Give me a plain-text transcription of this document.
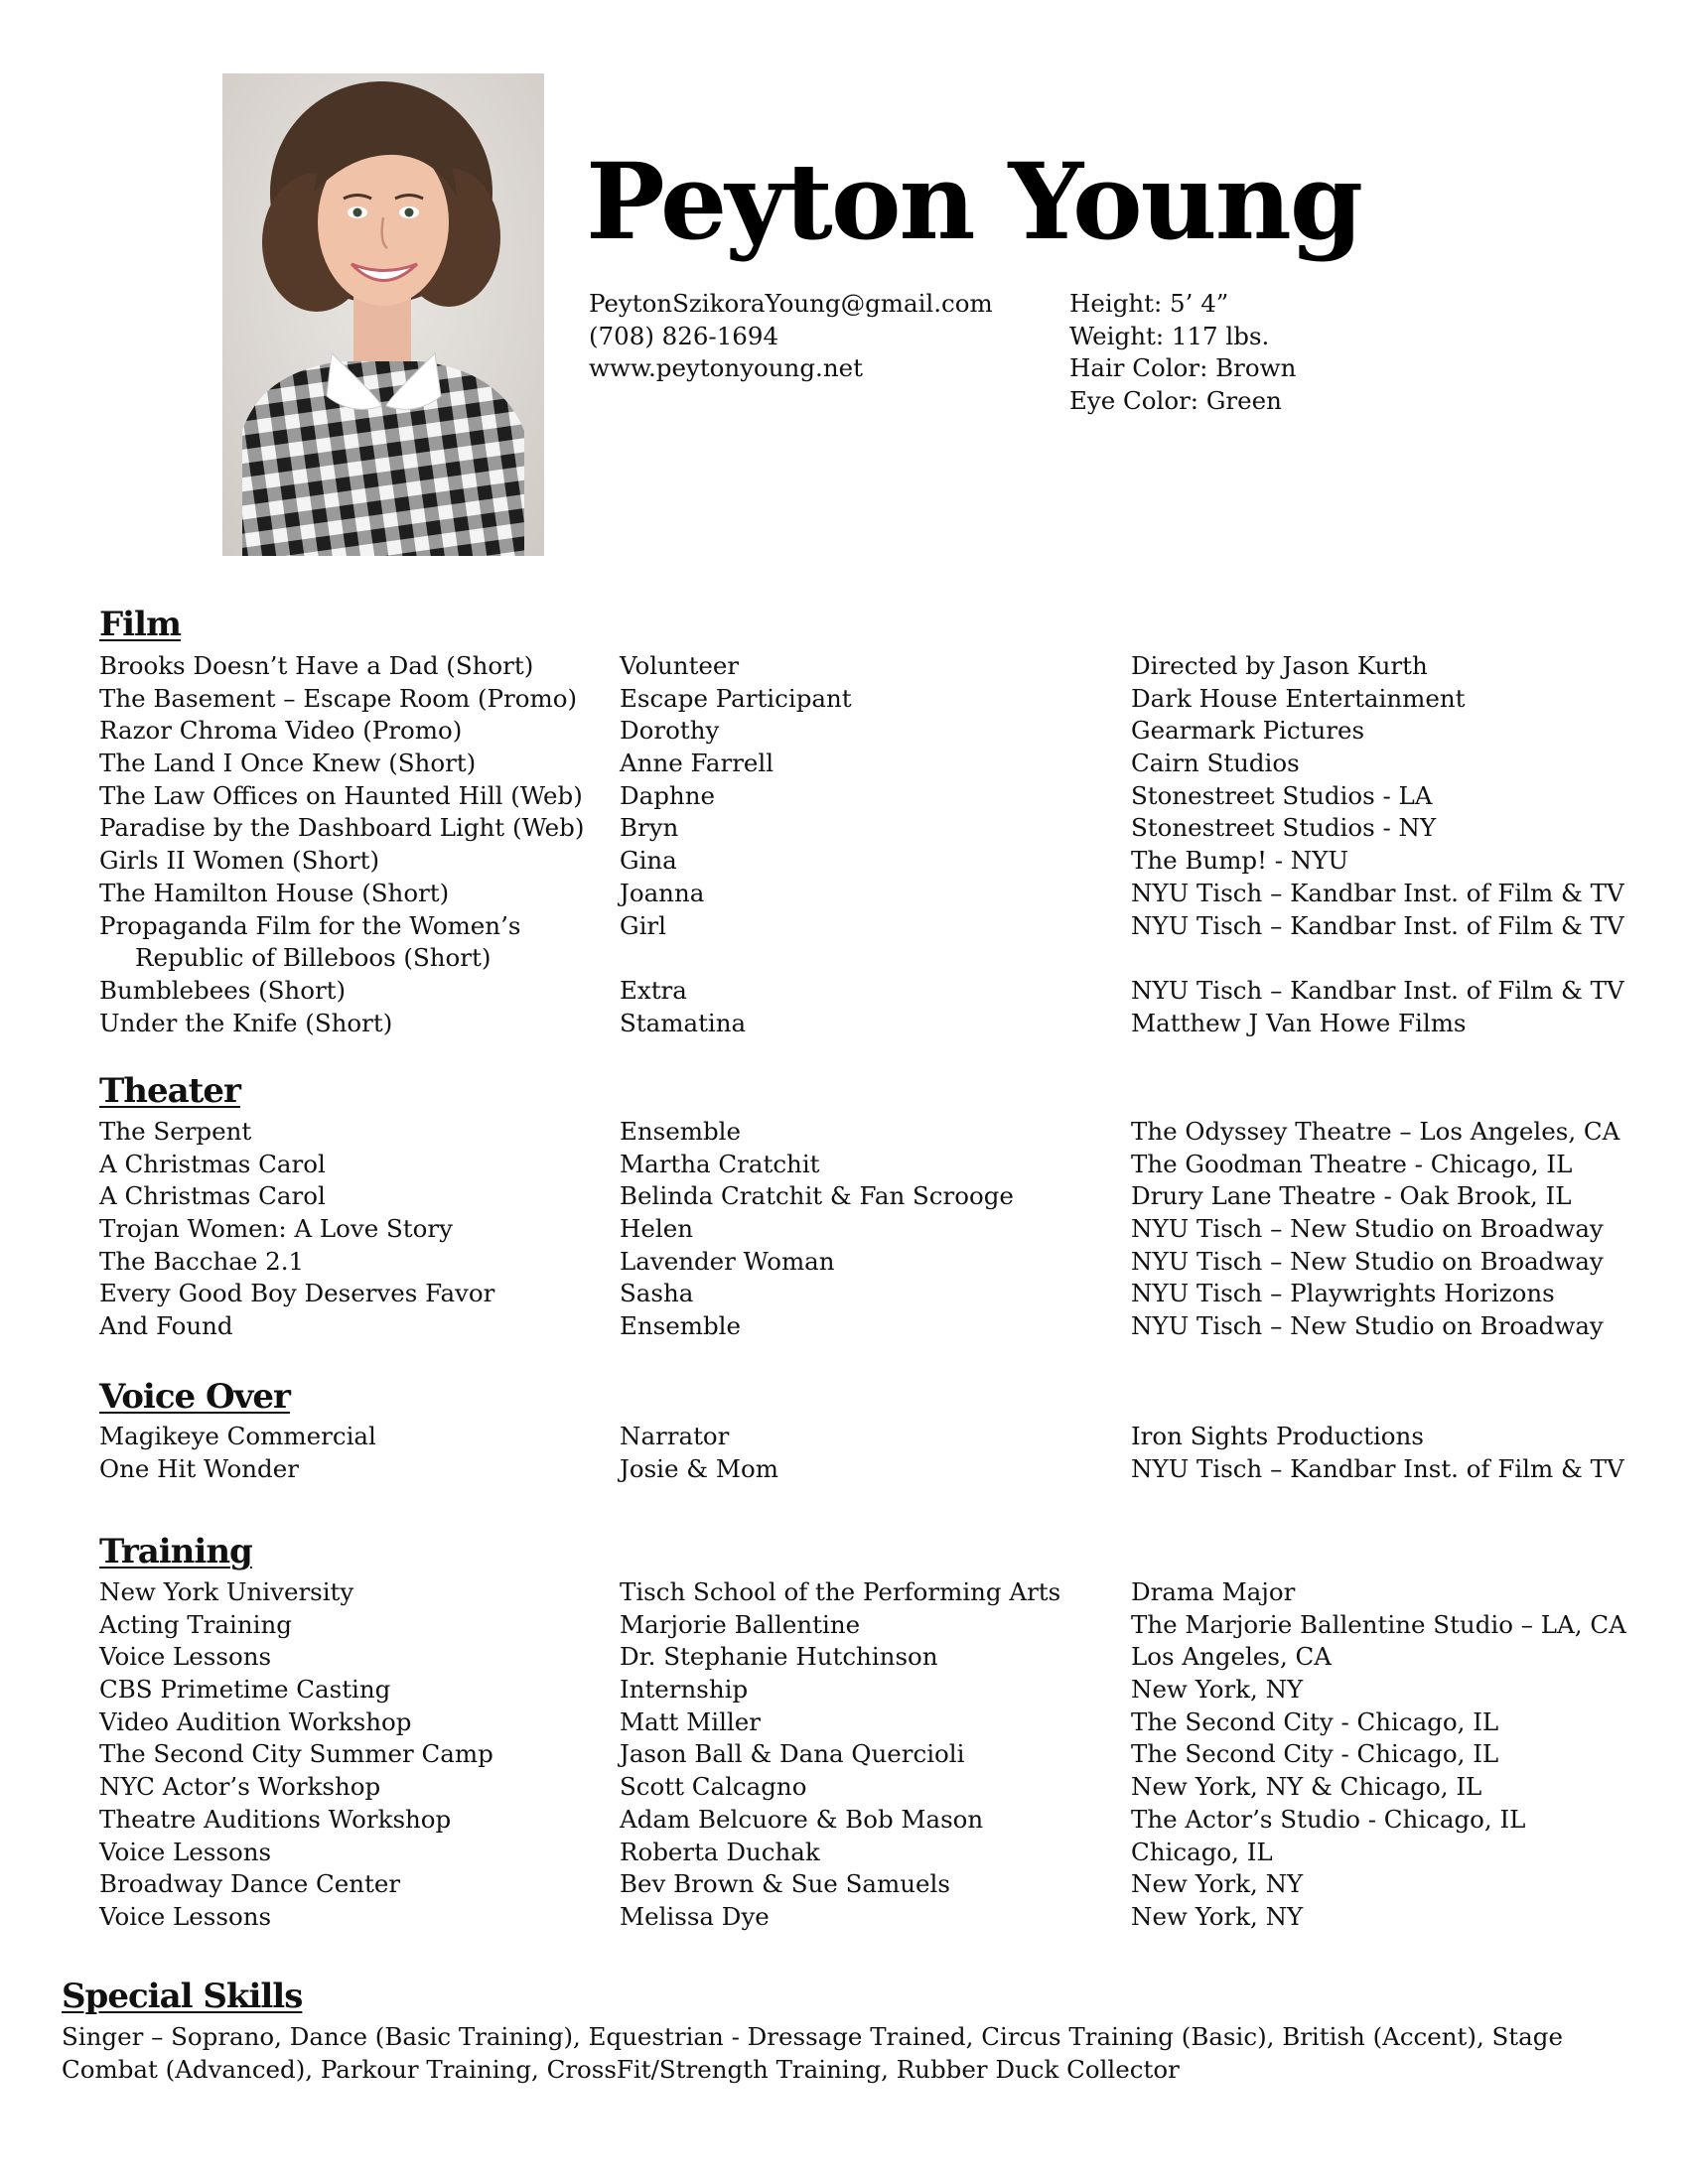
Peyton Young
PeytonSzikoraYoung@gmail.com
(708) 826-1694
www.peytonyoung.net
Height: 5’ 4”
Weight: 117 lbs.
Hair Color: Brown
Eye Color: Green
Film
Brooks Doesn’t Have a Dad (Short)	Volunteer	Directed by Jason Kurth
The Basement – Escape Room (Promo)	Escape Participant	Dark House Entertainment
Razor Chroma Video (Promo)	Dorothy	Gearmark Pictures
The Land I Once Knew (Short)	Anne Farrell	Cairn Studios
The Law Offices on Haunted Hill (Web)	Daphne	Stonestreet Studios - LA
Paradise by the Dashboard Light (Web)	Bryn	Stonestreet Studios - NY
Girls II Women (Short)	Gina	The Bump! - NYU
The Hamilton House (Short)	Joanna	NYU Tisch – Kandbar Inst. of Film & TV
Propaganda Film for the Women’s
Republic of Billeboos (Short)
Girl	NYU Tisch – Kandbar Inst. of Film & TV
Bumblebees (Short)	Extra	NYU Tisch – Kandbar Inst. of Film & TV
Under the Knife (Short)	Stamatina	Matthew J Van Howe Films
Theater
The Serpent	Ensemble	The Odyssey Theatre – Los Angeles, CA
A Christmas Carol	Martha Cratchit	The Goodman Theatre - Chicago, IL
A Christmas Carol	Belinda Cratchit & Fan Scrooge	Drury Lane Theatre - Oak Brook, IL
Trojan Women: A Love Story	Helen	NYU Tisch – New Studio on Broadway
The Bacchae 2.1	Lavender Woman	NYU Tisch – New Studio on Broadway
Every Good Boy Deserves Favor	Sasha	NYU Tisch – Playwrights Horizons
And Found	Ensemble	NYU Tisch – New Studio on Broadway
Voice Over
Magikeye Commercial	Narrator	Iron Sights Productions
One Hit Wonder	Josie & Mom	NYU Tisch – Kandbar Inst. of Film & TV
Training
New York University	Tisch School of the Performing Arts	Drama Major
Acting Training	Marjorie Ballentine	The Marjorie Ballentine Studio – LA, CA
Voice Lessons	Dr. Stephanie Hutchinson	Los Angeles, CA
CBS Primetime Casting	Internship	New York, NY
Video Audition Workshop	Matt Miller	The Second City - Chicago, IL
The Second City Summer Camp	Jason Ball & Dana Quercioli	The Second City - Chicago, IL
NYC Actor’s Workshop	Scott Calcagno	New York, NY & Chicago, IL
Theatre Auditions Workshop	Adam Belcuore & Bob Mason	The Actor’s Studio - Chicago, IL
Voice Lessons	Roberta Duchak	Chicago, IL
Broadway Dance Center	Bev Brown & Sue Samuels	New York, NY
Voice Lessons	Melissa Dye	New York, NY
Special Skills
Singer – Soprano, Dance (Basic Training), Equestrian - Dressage Trained, Circus Training (Basic), British (Accent), Stage Combat (Advanced), Parkour Training, CrossFit/Strength Training, Rubber Duck Collector
